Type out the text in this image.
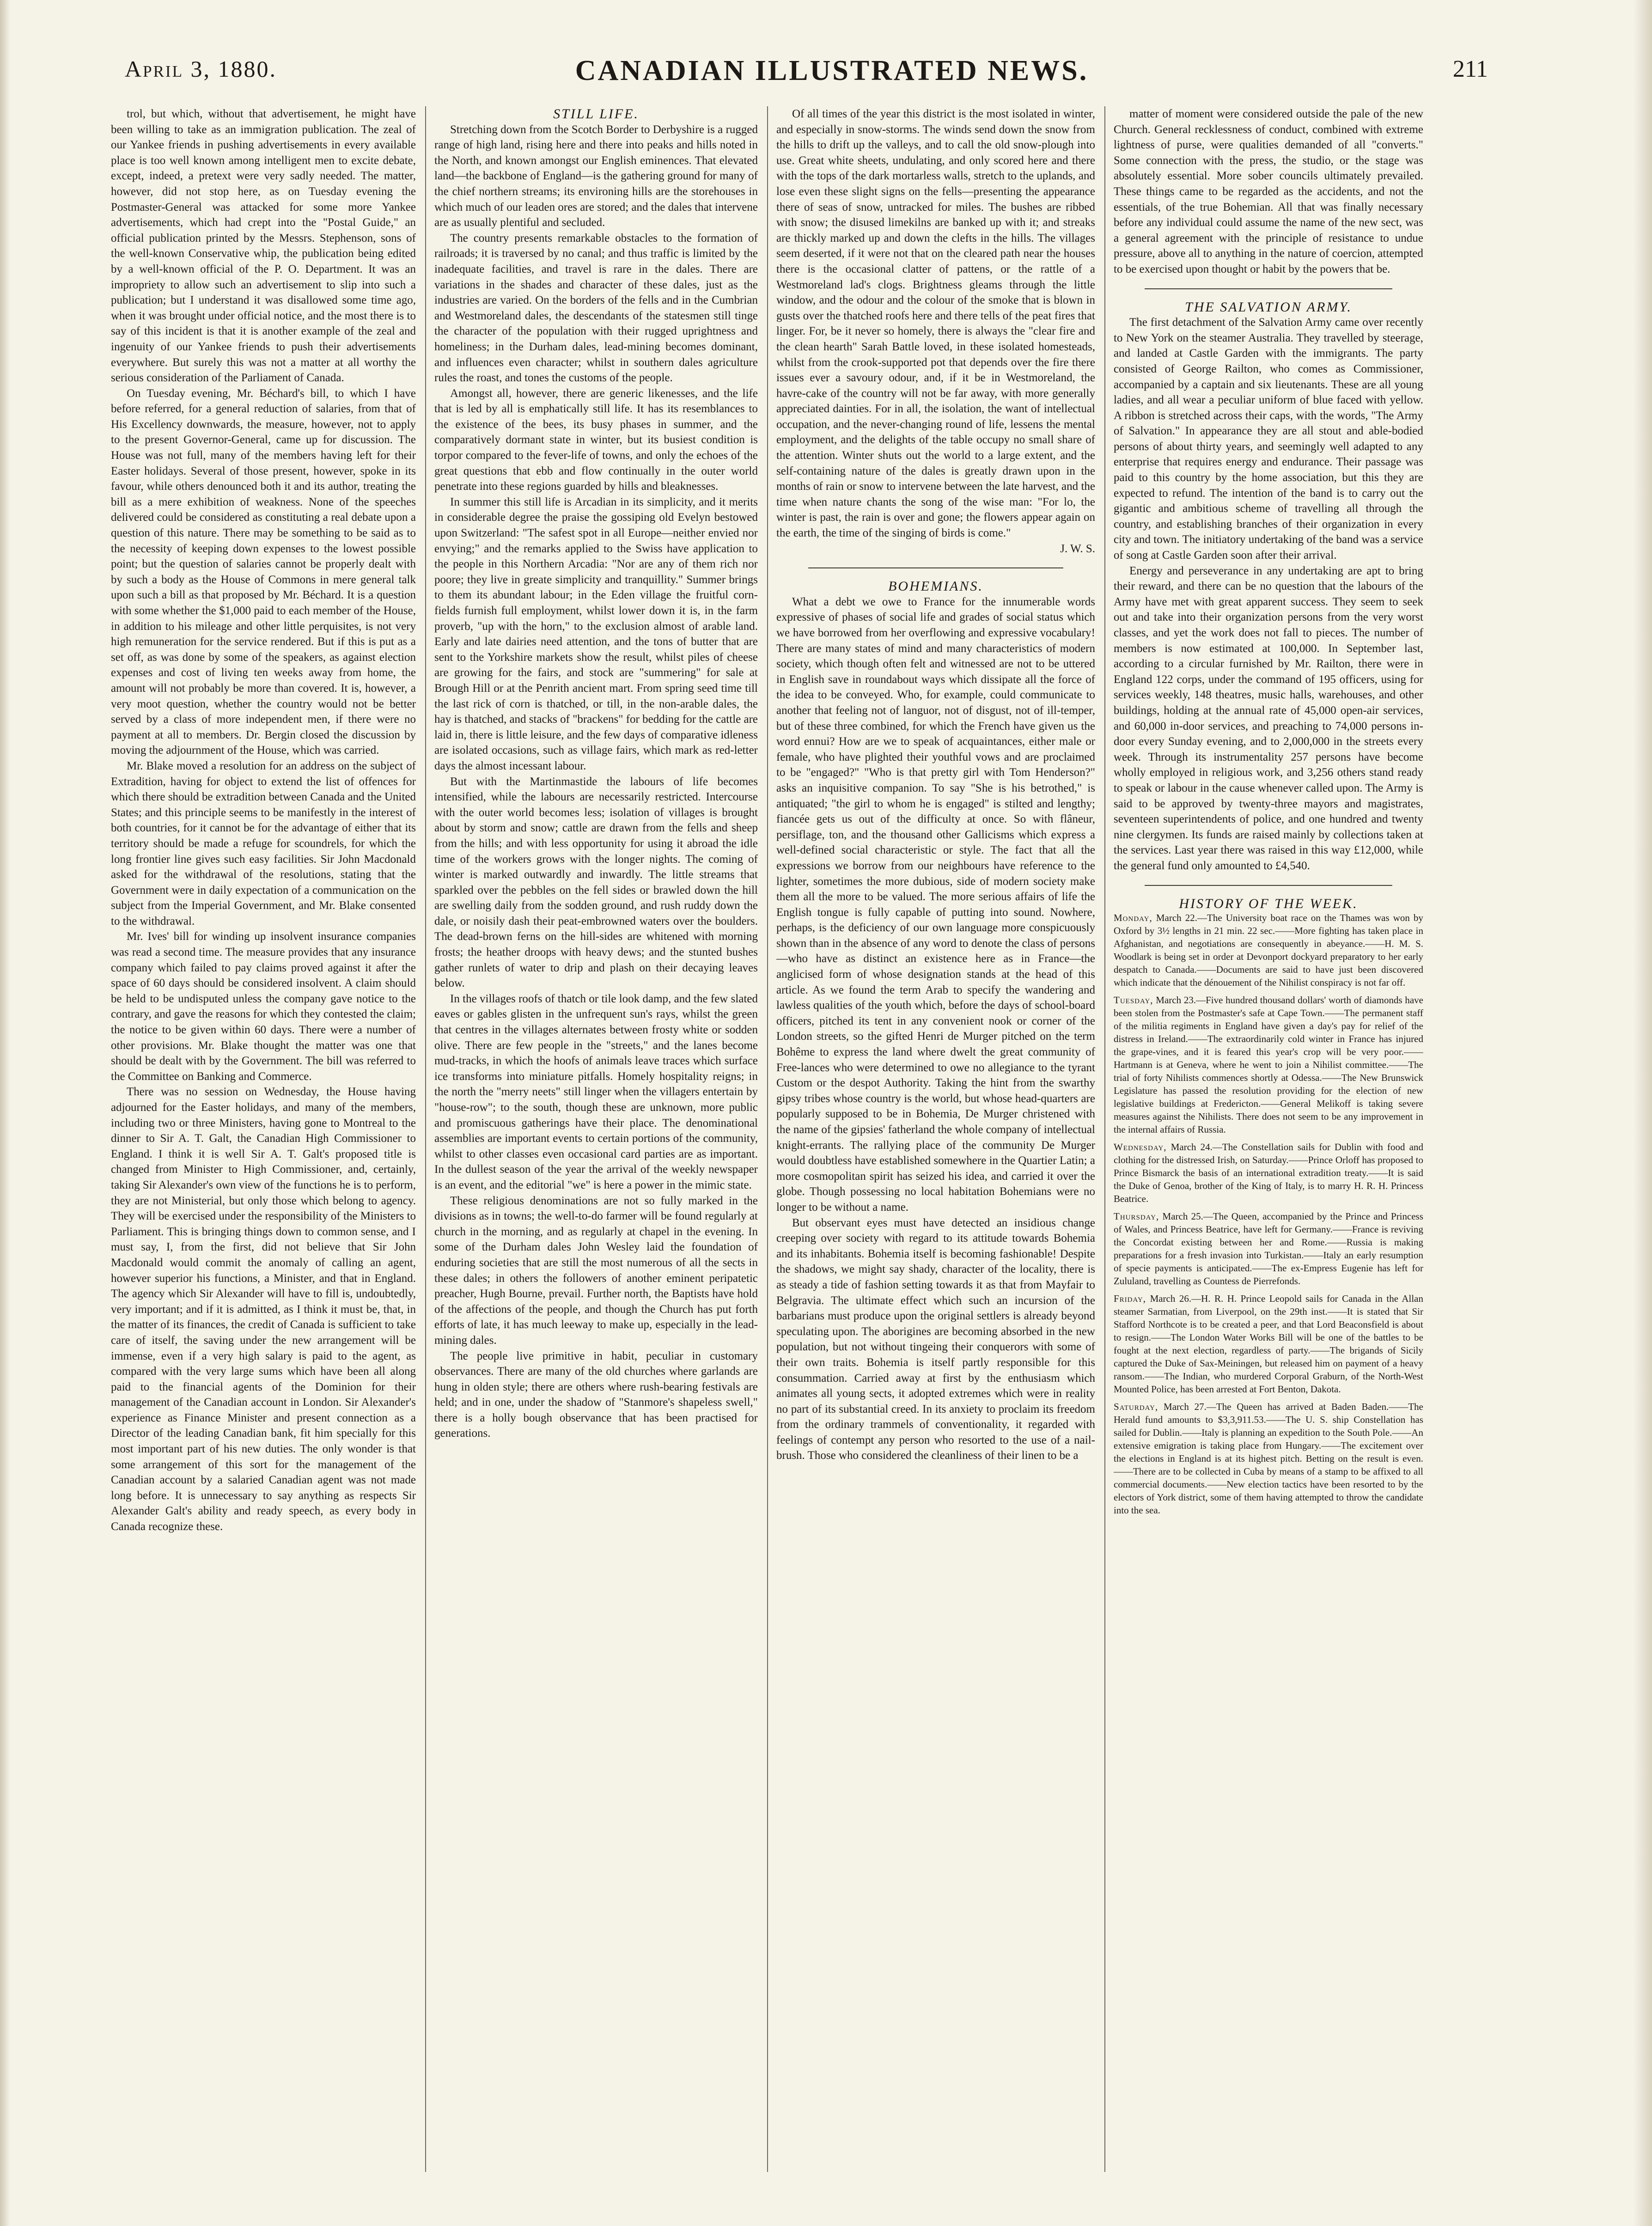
April 3, 1880.	CANADIAN ILLUSTRATED NEWS.	211

trol, but which, without that advertisement, he might have been willing to take as an immigration publication. The zeal of our Yankee friends in pushing advertisements in every available place is too well known among intelligent men to excite debate, except, indeed, a pretext were very sadly needed. The matter, however, did not stop here, as on Tuesday evening the Postmaster-General was attacked for some more Yankee advertisements, which had crept into the "Postal Guide," an official publication printed by the Messrs. Stephenson, sons of the well-known Conservative whip, the publication being edited by a well-known official of the P. O. Department. It was an impropriety to allow such an advertisement to slip into such a publication; but I understand it was disallowed some time ago, when it was brought under official notice, and the most there is to say of this incident is that it is another example of the zeal and ingenuity of our Yankee friends to push their advertisements everywhere. But surely this was not a matter at all worthy the serious consideration of the Parliament of Canada.

On Tuesday evening, Mr. Béchard's bill, to which I have before referred, for a general reduction of salaries, from that of His Excellency downwards, the measure, however, not to apply to the present Governor-General, came up for discussion. The House was not full, many of the members having left for their Easter holidays. Several of those present, however, spoke in its favour, while others denounced both it and its author, treating the bill as a mere exhibition of weakness. None of the speeches delivered could be considered as constituting a real debate upon a question of this nature. There may be something to be said as to the necessity of keeping down expenses to the lowest possible point; but the question of salaries cannot be properly dealt with by such a body as the House of Commons in mere general talk upon such a bill as that proposed by Mr. Béchard. It is a question with some whether the $1,000 paid to each member of the House, in addition to his mileage and other little perquisites, is not very high remuneration for the service rendered. But if this is put as a set off, as was done by some of the speakers, as against election expenses and cost of living ten weeks away from home, the amount will not probably be more than covered. It is, however, a very moot question, whether the country would not be better served by a class of more independent men, if there were no payment at all to members. Dr. Bergin closed the discussion by moving the adjournment of the House, which was carried.

Mr. Blake moved a resolution for an address on the subject of Extradition, having for object to extend the list of offences for which there should be extradition between Canada and the United States; and this principle seems to be manifestly in the interest of both countries, for it cannot be for the advantage of either that its territory should be made a refuge for scoundrels, for which the long frontier line gives such easy facilities. Sir John Macdonald asked for the withdrawal of the resolutions, stating that the Government were in daily expectation of a communication on the subject from the Imperial Government, and Mr. Blake consented to the withdrawal.

Mr. Ives' bill for winding up insolvent insurance companies was read a second time. The measure provides that any insurance company which failed to pay claims proved against it after the space of 60 days should be considered insolvent. A claim should be held to be undisputed unless the company gave notice to the contrary, and gave the reasons for which they contested the claim; the notice to be given within 60 days. There were a number of other provisions. Mr. Blake thought the matter was one that should be dealt with by the Government. The bill was referred to the Committee on Banking and Commerce.

There was no session on Wednesday, the House having adjourned for the Easter holidays, and many of the members, including two or three Ministers, having gone to Montreal to the dinner to Sir A. T. Galt, the Canadian High Commissioner to England. I think it is well Sir A. T. Galt's proposed title is changed from Minister to High Commissioner, and, certainly, taking Sir Alexander's own view of the functions he is to perform, they are not Ministerial, but only those which belong to agency. They will be exercised under the responsibility of the Ministers to Parliament. This is bringing things down to common sense, and I must say, I, from the first, did not believe that Sir John Macdonald would commit the anomaly of calling an agent, however superior his functions, a Minister, and that in England. The agency which Sir Alexander will have to fill is, undoubtedly, very important; and if it is admitted, as I think it must be, that, in the matter of its finances, the credit of Canada is sufficient to take care of itself, the saving under the new arrangement will be immense, even if a very high salary is paid to the agent, as compared with the very large sums which have been all along paid to the financial agents of the Dominion for their management of the Canadian account in London. Sir Alexander's experience as Finance Minister and present connection as a Director of the leading Canadian bank, fit him specially for this most important part of his new duties. The only wonder is that some arrangement of this sort for the management of the Canadian account by a salaried Canadian agent was not made long before. It is unnecessary to say anything as respects Sir Alexander Galt's ability and ready speech, as every body in Canada recognize these.

STILL LIFE.

Stretching down from the Scotch Border to Derbyshire is a rugged range of high land, rising here and there into peaks and hills noted in the North, and known amongst our English eminences. That elevated land—the backbone of England—is the gathering ground for many of the chief northern streams; its environing hills are the storehouses in which much of our leaden ores are stored; and the dales that intervene are as usually plentiful and secluded.

The country presents remarkable obstacles to the formation of railroads; it is traversed by no canal; and thus traffic is limited by the inadequate facilities, and travel is rare in the dales. There are variations in the shades and character of these dales, just as the industries are varied. On the borders of the fells and in the Cumbrian and Westmoreland dales, the descendants of the statesmen still tinge the character of the population with their rugged uprightness and homeliness; in the Durham dales, lead-mining becomes dominant, and influences even character; whilst in southern dales agriculture rules the roast, and tones the customs of the people.

Amongst all, however, there are generic likenesses, and the life that is led by all is emphatically still life. It has its resemblances to the existence of the bees, its busy phases in summer, and the comparatively dormant state in winter, but its busiest condition is torpor compared to the fever-life of towns, and only the echoes of the great questions that ebb and flow continually in the outer world penetrate into these regions guarded by hills and bleaknesses.

In summer this still life is Arcadian in its simplicity, and it merits in considerable degree the praise the gossiping old Evelyn bestowed upon Switzerland: "The safest spot in all Europe—neither envied nor envying;" and the remarks applied to the Swiss have application to the people in this Northern Arcadia: "Nor are any of them rich nor poore; they live in greate simplicity and tranquillity." Summer brings to them its abundant labour; in the Eden village the fruitful corn-fields furnish full employment, whilst lower down it is, in the farm proverb, "up with the horn," to the exclusion almost of arable land. Early and late dairies need attention, and the tons of butter that are sent to the Yorkshire markets show the result, whilst piles of cheese are growing for the fairs, and stock are "summering" for sale at Brough Hill or at the Penrith ancient mart. From spring seed time till the last rick of corn is thatched, or till, in the non-arable dales, the hay is thatched, and stacks of "brackens" for bedding for the cattle are laid in, there is little leisure, and the few days of comparative idleness are isolated occasions, such as village fairs, which mark as red-letter days the almost incessant labour.

But with the Martinmastide the labours of life becomes intensified, while the labours are necessarily restricted. Intercourse with the outer world becomes less; isolation of villages is brought about by storm and snow; cattle are drawn from the fells and sheep from the hills; and with less opportunity for using it abroad the idle time of the workers grows with the longer nights. The coming of winter is marked outwardly and inwardly. The little streams that sparkled over the pebbles on the fell sides or brawled down the hill are swelling daily from the sodden ground, and rush ruddy down the dale, or noisily dash their peat-embrowned waters over the boulders. The dead-brown ferns on the hill-sides are whitened with morning frosts; the heather droops with heavy dews; and the stunted bushes gather runlets of water to drip and plash on their decaying leaves below.

In the villages roofs of thatch or tile look damp, and the few slated eaves or gables glisten in the unfrequent sun's rays, whilst the green that centres in the villages alternates between frosty white or sodden olive. There are few people in the "streets," and the lanes become mud-tracks, in which the hoofs of animals leave traces which surface ice transforms into miniature pitfalls. Homely hospitality reigns; in the north the "merry neets" still linger when the villagers entertain by "house-row"; to the south, though these are unknown, more public and promiscuous gatherings have their place. The denominational assemblies are important events to certain portions of the community, whilst to other classes even occasional card parties are as important. In the dullest season of the year the arrival of the weekly newspaper is an event, and the editorial "we" is here a power in the mimic state.

These religious denominations are not so fully marked in the divisions as in towns; the well-to-do farmer will be found regularly at church in the morning, and as regularly at chapel in the evening. In some of the Durham dales John Wesley laid the foundation of enduring societies that are still the most numerous of all the sects in these dales; in others the followers of another eminent peripatetic preacher, Hugh Bourne, prevail. Further north, the Baptists have hold of the affections of the people, and though the Church has put forth efforts of late, it has much leeway to make up, especially in the lead-mining dales.

The people live primitive in habit, peculiar in customary observances. There are many of the old churches where garlands are hung in olden style; there are others where rush-bearing festivals are held; and in one, under the shadow of "Stanmore's shapeless swell," there is a holly bough observance that has been practised for generations.

Of all times of the year this district is the most isolated in winter, and especially in snow-storms. The winds send down the snow from the hills to drift up the valleys, and to call the old snow-plough into use. Great white sheets, undulating, and only scored here and there with the tops of the dark mortarless walls, stretch to the uplands, and lose even these slight signs on the fells—presenting the appearance there of seas of snow, untracked for miles. The bushes are ribbed with snow; the disused limekilns are banked up with it; and streaks are thickly marked up and down the clefts in the hills. The villages seem deserted, if it were not that on the cleared path near the houses there is the occasional clatter of pattens, or the rattle of a Westmoreland lad's clogs. Brightness gleams through the little window, and the odour and the colour of the smoke that is blown in gusts over the thatched roofs here and there tells of the peat fires that linger. For, be it never so homely, there is always the "clear fire and the clean hearth" Sarah Battle loved, in these isolated homesteads, whilst from the crook-supported pot that depends over the fire there issues ever a savoury odour, and, if it be in Westmoreland, the havre-cake of the country will not be far away, with more generally appreciated dainties. For in all, the isolation, the want of intellectual occupation, and the never-changing round of life, lessens the mental employment, and the delights of the table occupy no small share of the attention. Winter shuts out the world to a large extent, and the self-containing nature of the dales is greatly drawn upon in the months of rain or snow to intervene between the late harvest, and the time when nature chants the song of the wise man: "For lo, the winter is past, the rain is over and gone; the flowers appear again on the earth, the time of the singing of birds is come."

J. W. S.

BOHEMIANS.

What a debt we owe to France for the innumerable words expressive of phases of social life and grades of social status which we have borrowed from her overflowing and expressive vocabulary! There are many states of mind and many characteristics of modern society, which though often felt and witnessed are not to be uttered in English save in roundabout ways which dissipate all the force of the idea to be conveyed. Who, for example, could communicate to another that feeling not of languor, not of disgust, not of ill-temper, but of these three combined, for which the French have given us the word ennui? How are we to speak of acquaintances, either male or female, who have plighted their youthful vows and are proclaimed to be "engaged?" "Who is that pretty girl with Tom Henderson?" asks an inquisitive companion. To say "She is his betrothed," is antiquated; "the girl to whom he is engaged" is stilted and lengthy; fiancée gets us out of the difficulty at once. So with flâneur, persiflage, ton, and the thousand other Gallicisms which express a well-defined social characteristic or style. The fact that all the expressions we borrow from our neighbours have reference to the lighter, sometimes the more dubious, side of modern society make them all the more to be valued. The more serious affairs of life the English tongue is fully capable of putting into sound. Nowhere, perhaps, is the deficiency of our own language more conspicuously shown than in the absence of any word to denote the class of persons—who have as distinct an existence here as in France—the anglicised form of whose designation stands at the head of this article. As we found the term Arab to specify the wandering and lawless qualities of the youth which, before the days of school-board officers, pitched its tent in any convenient nook or corner of the London streets, so the gifted Henri de Murger pitched on the term Bohême to express the land where dwelt the great community of Free-lances who were determined to owe no allegiance to the tyrant Custom or the despot Authority. Taking the hint from the swarthy gipsy tribes whose country is the world, but whose head-quarters are popularly supposed to be in Bohemia, De Murger christened with the name of the gipsies' fatherland the whole company of intellectual knight-errants. The rallying place of the community De Murger would doubtless have established somewhere in the Quartier Latin; a more cosmopolitan spirit has seized his idea, and carried it over the globe. Though possessing no local habitation Bohemians were no longer to be without a name.

But observant eyes must have detected an insidious change creeping over society with regard to its attitude towards Bohemia and its inhabitants. Bohemia itself is becoming fashionable! Despite the shadows, we might say shady, character of the locality, there is as steady a tide of fashion setting towards it as that from Mayfair to Belgravia. The ultimate effect which such an incursion of the barbarians must produce upon the original settlers is already beyond speculating upon. The aborigines are becoming absorbed in the new population, but not without tingeing their conquerors with some of their own traits. Bohemia is itself partly responsible for this consummation. Carried away at first by the enthusiasm which animates all young sects, it adopted extremes which were in reality no part of its substantial creed. In its anxiety to proclaim its freedom from the ordinary trammels of conventionality, it regarded with feelings of contempt any person who resorted to the use of a nail-brush. Those who considered the cleanliness of their linen to be a

matter of moment were considered outside the pale of the new Church. General recklessness of conduct, combined with extreme lightness of purse, were qualities demanded of all "converts." Some connection with the press, the studio, or the stage was absolutely essential. More sober councils ultimately prevailed. These things came to be regarded as the accidents, and not the essentials, of the true Bohemian. All that was finally necessary before any individual could assume the name of the new sect, was a general agreement with the principle of resistance to undue pressure, above all to anything in the nature of coercion, attempted to be exercised upon thought or habit by the powers that be.

THE SALVATION ARMY.

The first detachment of the Salvation Army came over recently to New York on the steamer Australia. They travelled by steerage, and landed at Castle Garden with the immigrants. The party consisted of George Railton, who comes as Commissioner, accompanied by a captain and six lieutenants. These are all young ladies, and all wear a peculiar uniform of blue faced with yellow. A ribbon is stretched across their caps, with the words, "The Army of Salvation." In appearance they are all stout and able-bodied persons of about thirty years, and seemingly well adapted to any enterprise that requires energy and endurance. Their passage was paid to this country by the home association, but this they are expected to refund. The intention of the band is to carry out the gigantic and ambitious scheme of travelling all through the country, and establishing branches of their organization in every city and town. The initiatory undertaking of the band was a service of song at Castle Garden soon after their arrival.

Energy and perseverance in any undertaking are apt to bring their reward, and there can be no question that the labours of the Army have met with great apparent success. They seem to seek out and take into their organization persons from the very worst classes, and yet the work does not fall to pieces. The number of members is now estimated at 100,000. In September last, according to a circular furnished by Mr. Railton, there were in England 122 corps, under the command of 195 officers, using for services weekly, 148 theatres, music halls, warehouses, and other buildings, holding at the annual rate of 45,000 open-air services, and 60,000 in-door services, and preaching to 74,000 persons in-door every Sunday evening, and to 2,000,000 in the streets every week. Through its instrumentality 257 persons have become wholly employed in religious work, and 3,256 others stand ready to speak or labour in the cause whenever called upon. The Army is said to be approved by twenty-three mayors and magistrates, seventeen superintendents of police, and one hundred and twenty nine clergymen. Its funds are raised mainly by collections taken at the services. Last year there was raised in this way £12,000, while the general fund only amounted to £4,540.

HISTORY OF THE WEEK.

Monday, March 22.—The University boat race on the Thames was won by Oxford by 3½ lengths in 21 min. 22 sec.——More fighting has taken place in Afghanistan, and negotiations are consequently in abeyance.——H. M. S. Woodlark is being set in order at Devonport dockyard preparatory to her early despatch to Canada.——Documents are said to have just been discovered which indicate that the dénouement of the Nihilist conspiracy is not far off.

Tuesday, March 23.—Five hundred thousand dollars' worth of diamonds have been stolen from the Postmaster's safe at Cape Town.——The permanent staff of the militia regiments in England have given a day's pay for relief of the distress in Ireland.——The extraordinarily cold winter in France has injured the grape-vines, and it is feared this year's crop will be very poor.——Hartmann is at Geneva, where he went to join a Nihilist committee.——The trial of forty Nihilists commences shortly at Odessa.——The New Brunswick Legislature has passed the resolution providing for the election of new legislative buildings at Fredericton.——General Melikoff is taking severe measures against the Nihilists. There does not seem to be any improvement in the internal affairs of Russia.

Wednesday, March 24.—The Constellation sails for Dublin with food and clothing for the distressed Irish, on Saturday.——Prince Orloff has proposed to Prince Bismarck the basis of an international extradition treaty.——It is said the Duke of Genoa, brother of the King of Italy, is to marry H. R. H. Princess Beatrice.

Thursday, March 25.—The Queen, accompanied by the Prince and Princess of Wales, and Princess Beatrice, have left for Germany.——France is reviving the Concordat existing between her and Rome.——Russia is making preparations for a fresh invasion into Turkistan.——Italy an early resumption of specie payments is anticipated.——The ex-Empress Eugenie has left for Zululand, travelling as Countess de Pierrefonds.

Friday, March 26.—H. R. H. Prince Leopold sails for Canada in the Allan steamer Sarmatian, from Liverpool, on the 29th inst.——It is stated that Sir Stafford Northcote is to be created a peer, and that Lord Beaconsfield is about to resign.——The London Water Works Bill will be one of the battles to be fought at the next election, regardless of party.——The brigands of Sicily captured the Duke of Sax-Meiningen, but released him on payment of a heavy ransom.——The Indian, who murdered Corporal Graburn, of the North-West Mounted Police, has been arrested at Fort Benton, Dakota.

Saturday, March 27.—The Queen has arrived at Baden Baden.——The Herald fund amounts to $3,3,911.53.——The U. S. ship Constellation has sailed for Dublin.——Italy is planning an expedition to the South Pole.——An extensive emigration is taking place from Hungary.——The excitement over the elections in England is at its highest pitch. Betting on the result is even.——There are to be collected in Cuba by means of a stamp to be affixed to all commercial documents.——New election tactics have been resorted to by the electors of York district, some of them having attempted to throw the candidate into the sea.
